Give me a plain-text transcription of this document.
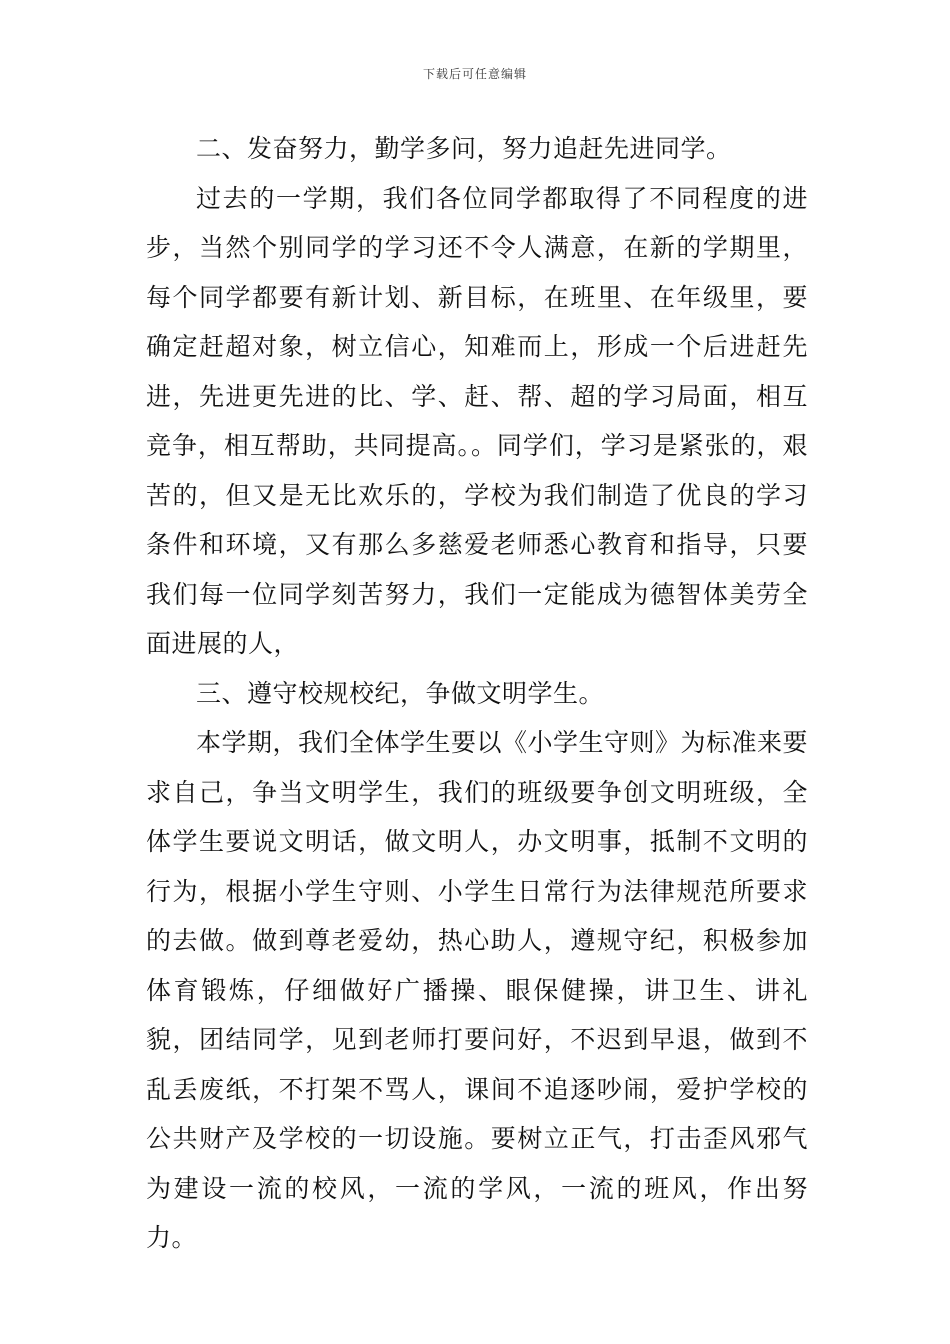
下载后可任意编辑

二、发奋努力，勤学多问，努力追赶先进同学。

过去的一学期，我们各位同学都取得了不同程度的进步，当然个别同学的学习还不令人满意，在新的学期里，每个同学都要有新计划、新目标，在班里、在年级里，要确定赶超对象，树立信心，知难而上，形成一个后进赶先进，先进更先进的比、学、赶、帮、超的学习局面，相互竞争，相互帮助，共同提高。。同学们，学习是紧张的，艰苦的，但又是无比欢乐的，学校为我们制造了优良的学习条件和环境，又有那么多慈爱老师悉心教育和指导，只要我们每一位同学刻苦努力，我们一定能成为德智体美劳全面进展的人，

三、遵守校规校纪，争做文明学生。

本学期，我们全体学生要以《小学生守则》为标准来要求自己，争当文明学生，我们的班级要争创文明班级，全体学生要说文明话，做文明人，办文明事，抵制不文明的行为，根据小学生守则、小学生日常行为法律规范所要求的去做。做到尊老爱幼，热心助人，遵规守纪，积极参加体育锻炼，仔细做好广播操、眼保健操，讲卫生、讲礼貌，团结同学，见到老师打要问好，不迟到早退，做到不乱丢废纸，不打架不骂人，课间不追逐吵闹，爱护学校的公共财产及学校的一切设施。要树立正气，打击歪风邪气为建设一流的校风，一流的学风，一流的班风，作出努力。
